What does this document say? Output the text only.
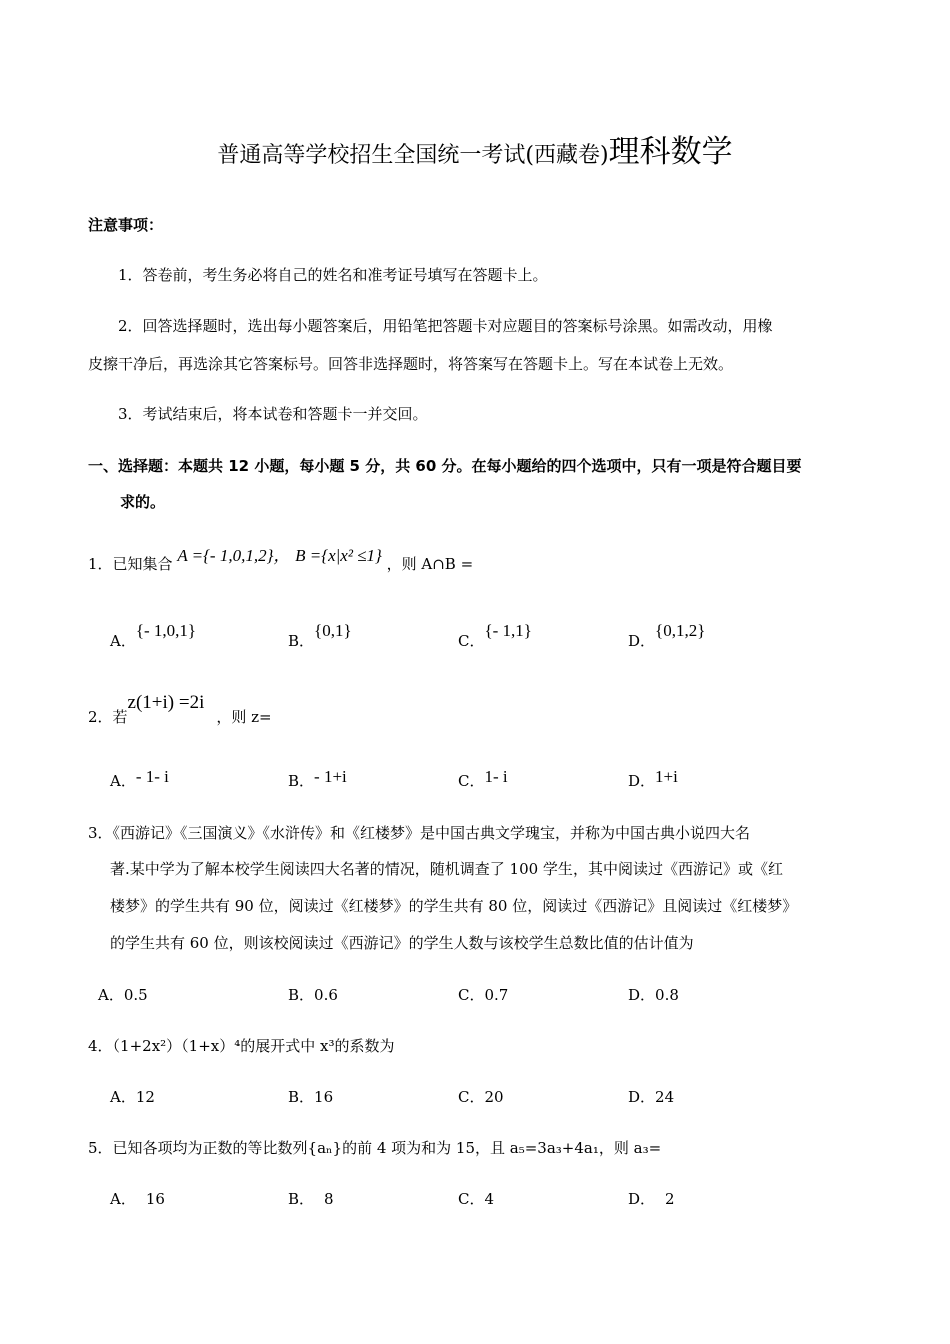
普通高等学校招生全国统一考试(西藏卷)理科数学
注意事项：
1．答卷前，考生务必将自己的姓名和准考证号填写在答题卡上。
2．回答选择题时，选出每小题答案后，用铅笔把答题卡对应题目的答案标号涂黑。如需改动，用橡
皮擦干净后，再选涂其它答案标号。回答非选择题时，将答案写在答题卡上。写在本试卷上无效。
3．考试结束后，将本试卷和答题卡一并交回。
一、选择题：本题共 12 小题，每小题 5 分，共 60 分。在每小题给的四个选项中，只有一项是符合题目要
求的。
1．已知集合 A ={- 1,0,1,2}， B ={x|x² ≤1} ，则 A∩B =
A．{- 1,0,1}
B．{0,1}
C．{- 1,1}
D．{0,1,2}
2．若z(1+i) =2i，则 z=
A．- 1- i	B．- 1+i	C．1- i	D．1+i
3．《西游记》《三国演义》《水浒传》和《红楼梦》是中国古典文学瑰宝，并称为中国古典小说四大名
著.某中学为了解本校学生阅读四大名著的情况，随机调查了 100 学生，其中阅读过《西游记》或《红
楼梦》的学生共有 90 位，阅读过《红楼梦》的学生共有 80 位，阅读过《西游记》且阅读过《红楼梦》
的学生共有 60 位，则该校阅读过《西游记》的学生人数与该校学生总数比值的估计值为
A．0.5	B．0.6	C．0.7	D．0.8
4．（1+2x²）（1+x）⁴的展开式中 x³的系数为
A．12	B．16	C．20	D．24
5．已知各项均为正数的等比数列{aₙ}的前 4 项为和为 15，且 a₅=3a₃+4a₁，则 a₃=
A． 16	B． 8	C．4	D． 2
